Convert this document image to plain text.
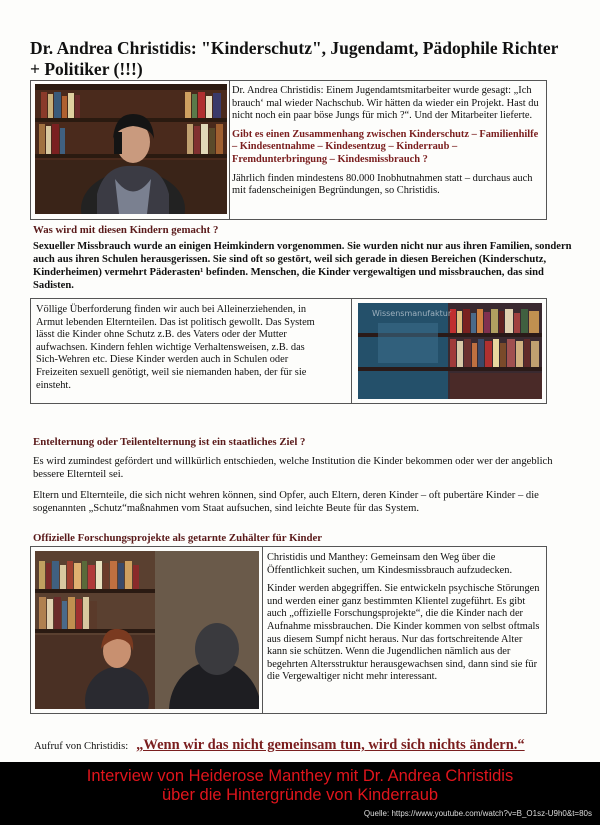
Dr. Andrea Christidis: "Kinderschutz", Jugendamt, Pädophile Richter + Politiker (!!!)
Dr. Andrea Christidis: Einem Jugendamtsmitarbeiter wurde gesagt: „Ich brauch‘ mal wieder Nachschub. Wir hätten da wieder ein Projekt. Hast du nicht noch ein paar böse Jungs für mich ?“. Und der Mitarbeiter lieferte.
Gibt es einen Zusammenhang zwischen Kinderschutz – Familienhilfe – Kindesentnahme – Kindesentzug – Kinderraub – Fremdunterbringung – Kindesmissbrauch ?
Jährlich finden mindestens 80.000 Inobhutnahmen statt – durchaus auch mit fadenscheinigen Begründungen, so Christidis.
Was wird mit diesen Kindern gemacht ?
Sexueller Missbrauch wurde an einigen Heimkindern vorgenommen. Sie wurden nicht nur aus ihren Familien, sondern auch aus ihren Schulen herausgerissen. Sie sind oft so gestört, weil sich gerade in diesen Bereichen (Kinderschutz, Kinderheimen) vermehrt Päderasten¹ befinden. Menschen, die Kinder vergewaltigen und missbrauchen, das sind Sadisten.
Völlige Überforderung finden wir auch bei Alleinerziehenden, in Armut lebenden Elternteilen. Das ist politisch gewollt. Das System lässt die Kinder ohne Schutz z.B. des Vaters oder der Mutter aufwachsen. Kindern fehlen wichtige Verhaltensweisen, z.B. das Sich-Wehren etc. Diese Kinder werden auch in Schulen oder Freizeiten sexuell genötigt, weil sie niemanden haben, der für sie einsteht.
Wissensmanufaktur
Entelternung oder Teilentelternung ist ein staatliches Ziel ?
Es wird zumindest gefördert und willkürlich entschieden, welche Institution die Kinder bekommen oder wer der angeblich bessere Elternteil sei.
Eltern und Elternteile, die sich nicht wehren können, sind Opfer, auch Eltern, deren Kinder – oft pubertäre Kinder – die sogenannten „Schutz“maßnahmen vom Staat aufsuchen, sind leichte Beute für das System.
Offizielle Forschungsprojekte als getarnte Zuhälter für Kinder
Christidis und Manthey: Gemeinsam den Weg über die Öffentlichkeit suchen, um Kindesmissbrauch aufzudecken.
Kinder werden abgegriffen. Sie entwickeln psychische Störungen und werden einer ganz bestimmten Klientel zugeführt. Es gibt auch „offizielle Forschungsprojekte“, die die Kinder nach der Aufnahme missbrauchen. Die Kinder kommen von selbst oftmals aus diesem Sumpf nicht heraus. Nur das fortschreitende Alter kann sie schützen. Wenn die Jugendlichen nämlich aus der begehrten Altersstruktur herausgewachsen sind, dann sind sie für die Vergewaltiger nicht mehr interessant.
Aufruf von Christidis: „Wenn wir das nicht gemeinsam tun, wird sich nichts ändern.“
Interview von Heiderose Manthey mit Dr. Andrea Christidis
über die Hintergründe von Kinderraub
Quelle: https://www.youtube.com/watch?v=B_O1sz-U9h0&t=80s
